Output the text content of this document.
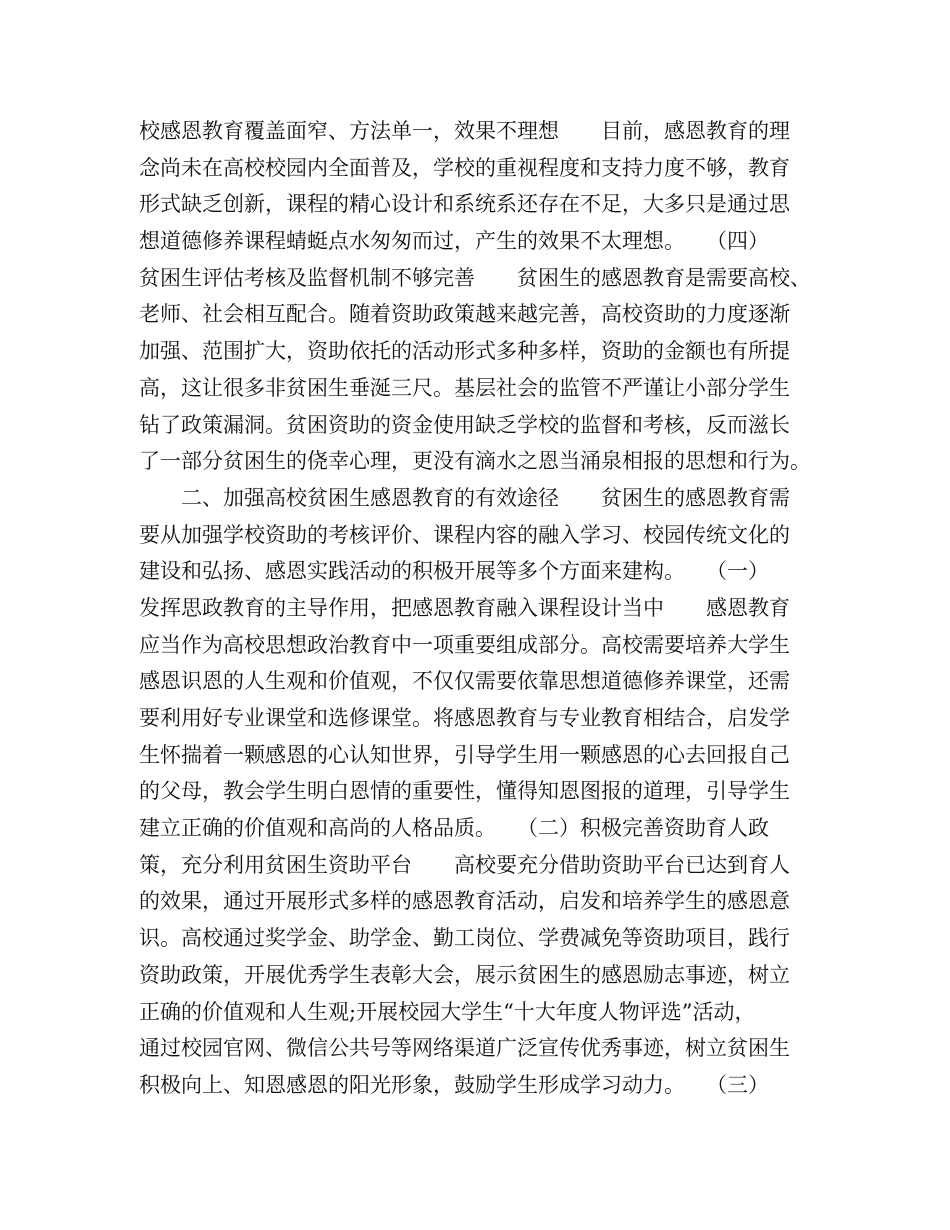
校感恩教育覆盖面窄、方法单一，效果不理想　　目前，感恩教育的理
念尚未在高校校园内全面普及，学校的重视程度和支持力度不够，教育
形式缺乏创新，课程的精心设计和系统系还存在不足，大多只是通过思
想道德修养课程蜻蜓点水匆匆而过，产生的效果不太理想。　　（四）
贫困生评估考核及监督机制不够完善　　贫困生的感恩教育是需要高校、
老师、社会相互配合。随着资助政策越来越完善，高校资助的力度逐渐
加强、范围扩大，资助依托的活动形式多种多样，资助的金额也有所提
高，这让很多非贫困生垂涎三尺。基层社会的监管不严谨让小部分学生
钻了政策漏洞。贫困资助的资金使用缺乏学校的监督和考核，反而滋长
了一部分贫困生的侥幸心理，更没有滴水之恩当涌泉相报的思想和行为。
　　二、加强高校贫困生感恩教育的有效途径　　贫困生的感恩教育需
要从加强学校资助的考核评价、课程内容的融入学习、校园传统文化的
建设和弘扬、感恩实践活动的积极开展等多个方面来建构。　　（一）
发挥思政教育的主导作用，把感恩教育融入课程设计当中　　感恩教育
应当作为高校思想政治教育中一项重要组成部分。高校需要培养大学生
感恩识恩的人生观和价值观，不仅仅需要依靠思想道德修养课堂，还需
要利用好专业课堂和选修课堂。将感恩教育与专业教育相结合，启发学
生怀揣着一颗感恩的心认知世界，引导学生用一颗感恩的心去回报自己
的父母，教会学生明白恩情的重要性，懂得知恩图报的道理，引导学生
建立正确的价值观和高尚的人格品质。　　（二）积极完善资助育人政
策，充分利用贫困生资助平台　　高校要充分借助资助平台已达到育人
的效果，通过开展形式多样的感恩教育活动，启发和培养学生的感恩意
识。高校通过奖学金、助学金、勤工岗位、学费减免等资助项目，践行
资助政策，开展优秀学生表彰大会，展示贫困生的感恩励志事迹，树立
正确的价值观和人生观;开展校园大学生“十大年度人物评选”活动，
通过校园官网、微信公共号等网络渠道广泛宣传优秀事迹，树立贫困生
积极向上、知恩感恩的阳光形象，鼓励学生形成学习动力。　　（三）
